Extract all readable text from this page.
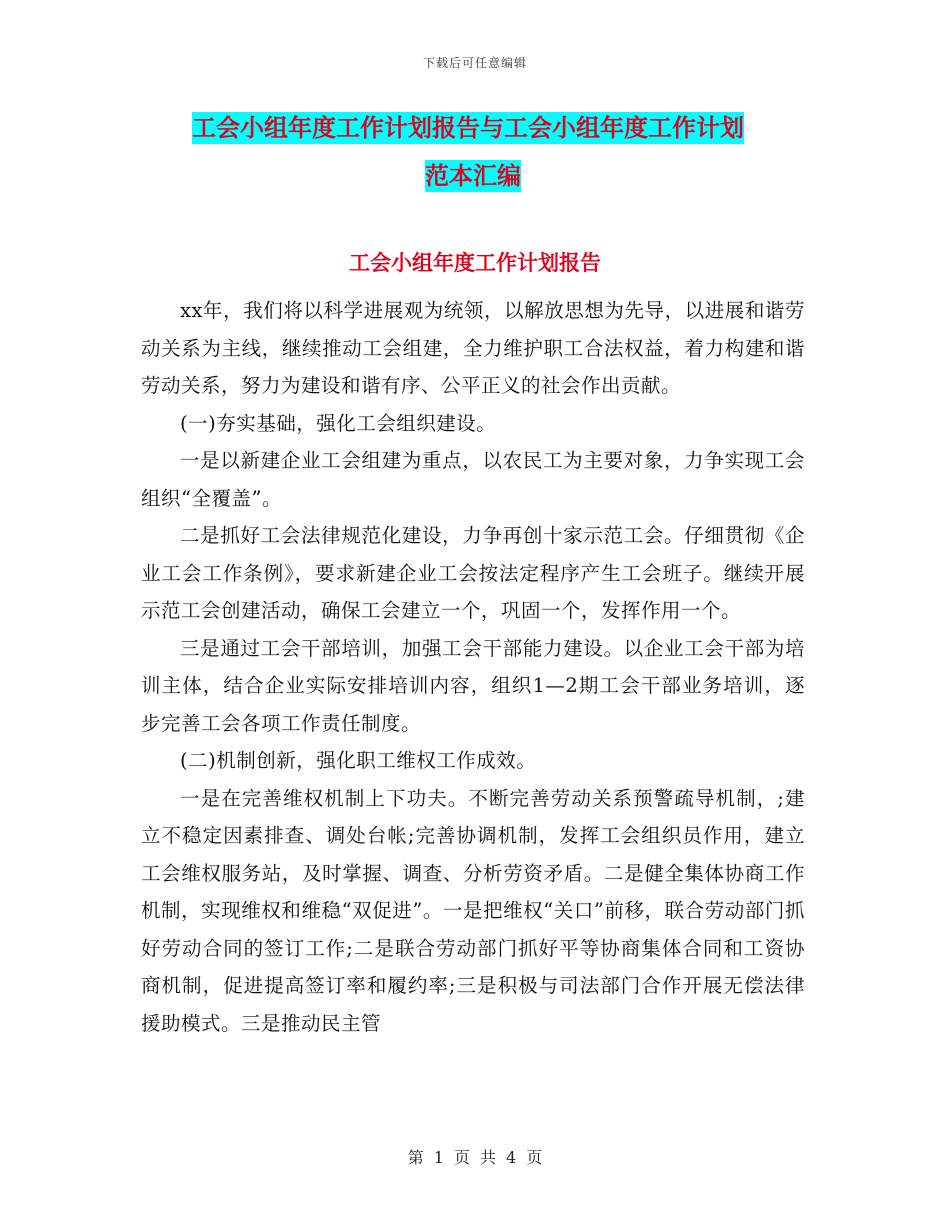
下载后可任意编辑
工会小组年度工作计划报告与工会小组年度工作计划
范本汇编
工会小组年度工作计划报告

xx年，我们将以科学进展观为统领，以解放思想为先导，以进展和谐劳动关系为主线，继续推动工会组建，全力维护职工合法权益，着力构建和谐劳动关系，努力为建设和谐有序、公平正义的社会作出贡献。

(一)夯实基础，强化工会组织建设。

一是以新建企业工会组建为重点，以农民工为主要对象，力争实现工会组织“全覆盖”。

二是抓好工会法律规范化建设，力争再创十家示范工会。仔细贯彻《企业工会工作条例》，要求新建企业工会按法定程序产生工会班子。继续开展示范工会创建活动，确保工会建立一个，巩固一个，发挥作用一个。

三是通过工会干部培训，加强工会干部能力建设。以企业工会干部为培训主体，结合企业实际安排培训内容，组织1—2期工会干部业务培训，逐步完善工会各项工作责任制度。

(二)机制创新，强化职工维权工作成效。

一是在完善维权机制上下功夫。不断完善劳动关系预警疏导机制，;建立不稳定因素排查、调处台帐;完善协调机制，发挥工会组织员作用，建立工会维权服务站，及时掌握、调查、分析劳资矛盾。二是健全集体协商工作机制，实现维权和维稳“双促进”。一是把维权“关口”前移，联合劳动部门抓好劳动合同的签订工作;二是联合劳动部门抓好平等协商集体合同和工资协商机制，促进提高签订率和履约率;三是积极与司法部门合作开展无偿法律援助模式。三是推动民主管

第 1 页 共 4 页
